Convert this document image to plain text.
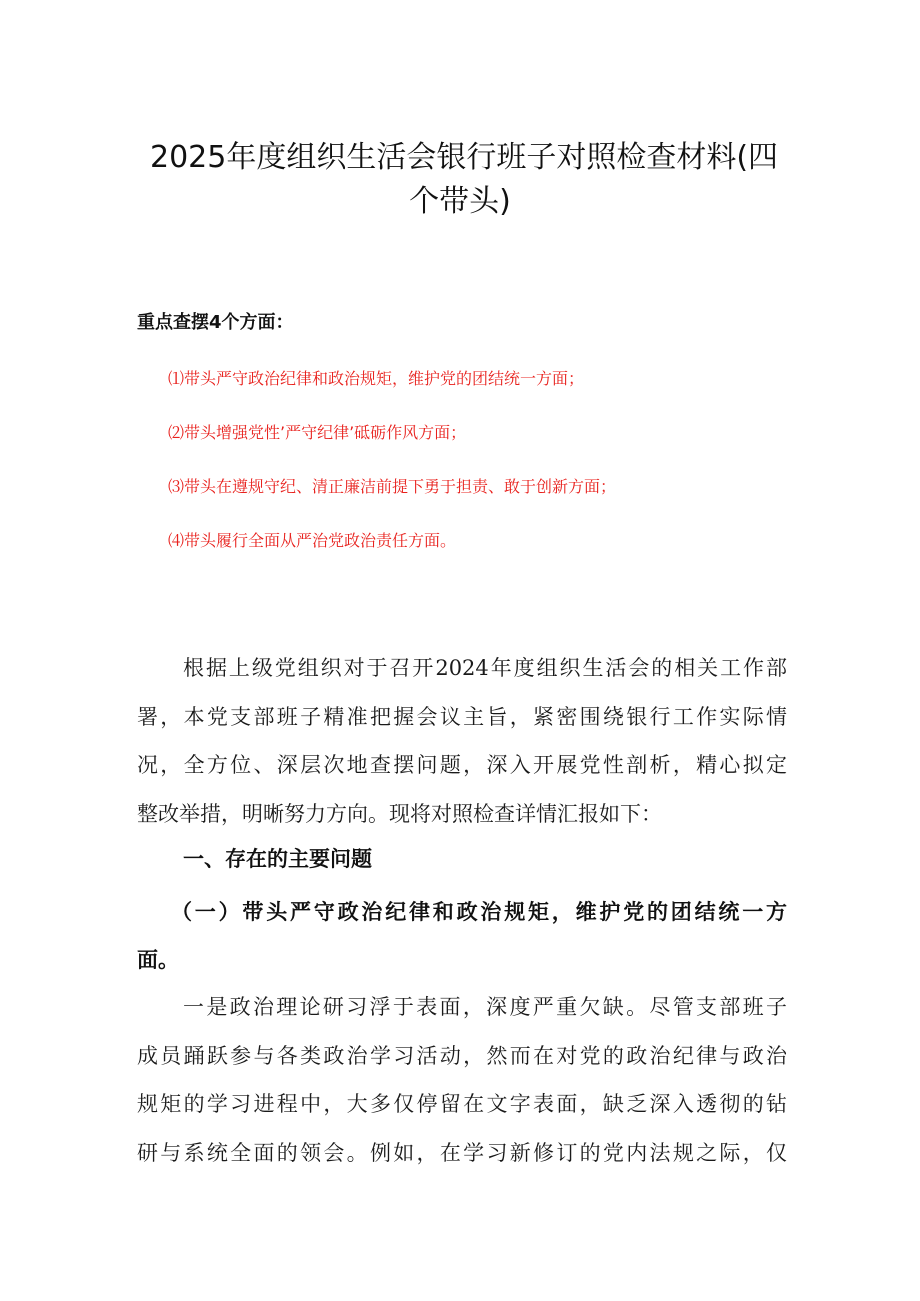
2025年度组织生活会银行班子对照检查材料(四
个带头)
重点查摆4个方面：
⑴带头严守政治纪律和政治规矩，维护党的团结统一方面；
⑵带头增强党性’严守纪律’砥砺作风方面；
⑶带头在遵规守纪、清正廉洁前提下勇于担责、敢于创新方面；
⑷带头履行全面从严治党政治责任方面。
根据上级党组织对于召开2024年度组织生活会的相关工作部
署，本党支部班子精准把握会议主旨，紧密围绕银行工作实际情
况，全方位、深层次地查摆问题，深入开展党性剖析，精心拟定
整改举措，明晰努力方向。现将对照检查详情汇报如下：
一、存在的主要问题
（一）带头严守政治纪律和政治规矩，维护党的团结统一方
面。
一是政治理论研习浮于表面，深度严重欠缺。尽管支部班子
成员踊跃参与各类政治学习活动，然而在对党的政治纪律与政治
规矩的学习进程中，大多仅停留在文字表面，缺乏深入透彻的钻
研与系统全面的领会。例如，在学习新修订的党内法规之际，仅
